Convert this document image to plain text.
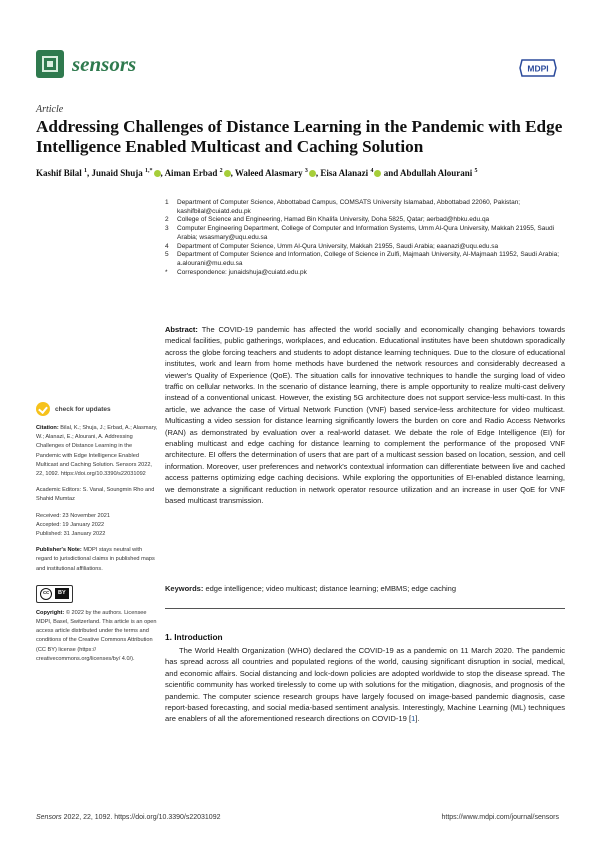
sensors	MDPI
Article
Addressing Challenges of Distance Learning in the Pandemic with Edge Intelligence Enabled Multicast and Caching Solution
Kashif Bilal $^1$, Junaid Shuja $^{1,*}$ , Aiman Erbad $^2$ , Waleed Alasmary $^3$ , Eisa Alanazi $^4$ and Abdullah Alourani $^5$
1	Department of Computer Science, Abbottabad Campus, COMSATS University Islamabad, Abbottabad 22060, Pakistan; kashifbilal@cuiatd.edu.pk
2	College of Science and Engineering, Hamad Bin Khalifa University, Doha 5825, Qatar; aerbad@hbku.edu.qa
3	Computer Engineering Department, College of Computer and Information Systems, Umm Al-Qura University, Makkah 21955, Saudi Arabia; wsasmary@uqu.edu.sa
4	Department of Computer Science, Umm Al-Qura University, Makkah 21955, Saudi Arabia; eaanazi@uqu.edu.sa
5	Department of Computer Science and Information, College of Science in Zulfi, Majmaah University, Al-Majmaah 11952, Saudi Arabia; a.alourani@mu.edu.sa
*	Correspondence: junaidshuja@cuiatd.edu.pk
Abstract: The COVID-19 pandemic has affected the world socially and economically changing behaviors towards medical facilities, public gatherings, workplaces, and education. Educational institutes have been shutdown sporadically across the globe forcing teachers and students to adopt distance learning techniques. Due to the closure of educational institutes, work and learn from home methods have burdened the network resources and considerably decreased a viewer's Quality of Experience (QoE). The situation calls for innovative techniques to handle the surging load of video traffic on cellular networks. In the scenario of distance learning, there is ample opportunity to realize multi-cast delivery instead of a conventional unicast. However, the existing 5G architecture does not support service-less multi-cast. In this article, we advance the case of Virtual Network Function (VNF) based service-less architecture for video multicast. Multicasting a video session for distance learning significantly lowers the burden on core and Radio Access Networks (RAN) as demonstrated by evaluation over a real-world dataset. We debate the role of Edge Intelligence (EI) for enabling multicast and edge caching for distance learning to complement the performance of the proposed VNF architecture. EI offers the determination of users that are part of a multicast session based on location, session, and cell information. Moreover, user preferences and network's contextual information can differentiate between live and cached access patterns optimizing edge caching decisions. While exploring the opportunities of EI-enabled distance learning, we demonstrate a significant reduction in network operator resource utilization and an increase in user QoE for VNF based multicast transmission.
Keywords: edge intelligence; video multicast; distance learning; eMBMS; edge caching
1. Introduction
The World Health Organization (WHO) declared the COVID-19 as a pandemic on 11 March 2020. The pandemic has spread across all countries and populated regions of the world, causing significant disruption in social, medical, and economic affairs. Social distancing and lock-down policies are adopted worldwide to stop the disease spread. The scientific community has worked tirelessly to come up with solutions for the mitigation, diagnosis, and prognosis of the pandemic. The computer science research groups have largely focused on image-based pandemic diagnosis, case report-based forecasting, and social media-based sentiment analysis. Interestingly, Machine Learning (ML) techniques are enablers of all the aforementioned research directions on COVID-19 [1].
check for updates
Citation: Bilal, K.; Shuja, J.; Erbad, A.; Alasmary, W.; Alanazi, E.; Alourani, A. Addressing Challenges of Distance Learning in the Pandemic with Edge Intelligence Enabled Multicast and Caching Solution. Sensors 2022, 22, 1092. https://doi.org/10.3390/s22031092
Academic Editors: S. Vanal, Soungmin Rho and Shahid Mumtaz
Received: 23 November 2021
Accepted: 19 January 2022
Published: 31 January 2022
Publisher's Note: MDPI stays neutral with regard to jurisdictional claims in published maps and institutional affiliations.
cc	BY
Copyright: © 2022 by the authors. Licensee MDPI, Basel, Switzerland. This article is an open access article distributed under the terms and conditions of the Creative Commons Attribution (CC BY) license (https:// creativecommons.org/licenses/by/ 4.0/).
Sensors 2022, 22, 1092. https://doi.org/10.3390/s22031092	https://www.mdpi.com/journal/sensors
